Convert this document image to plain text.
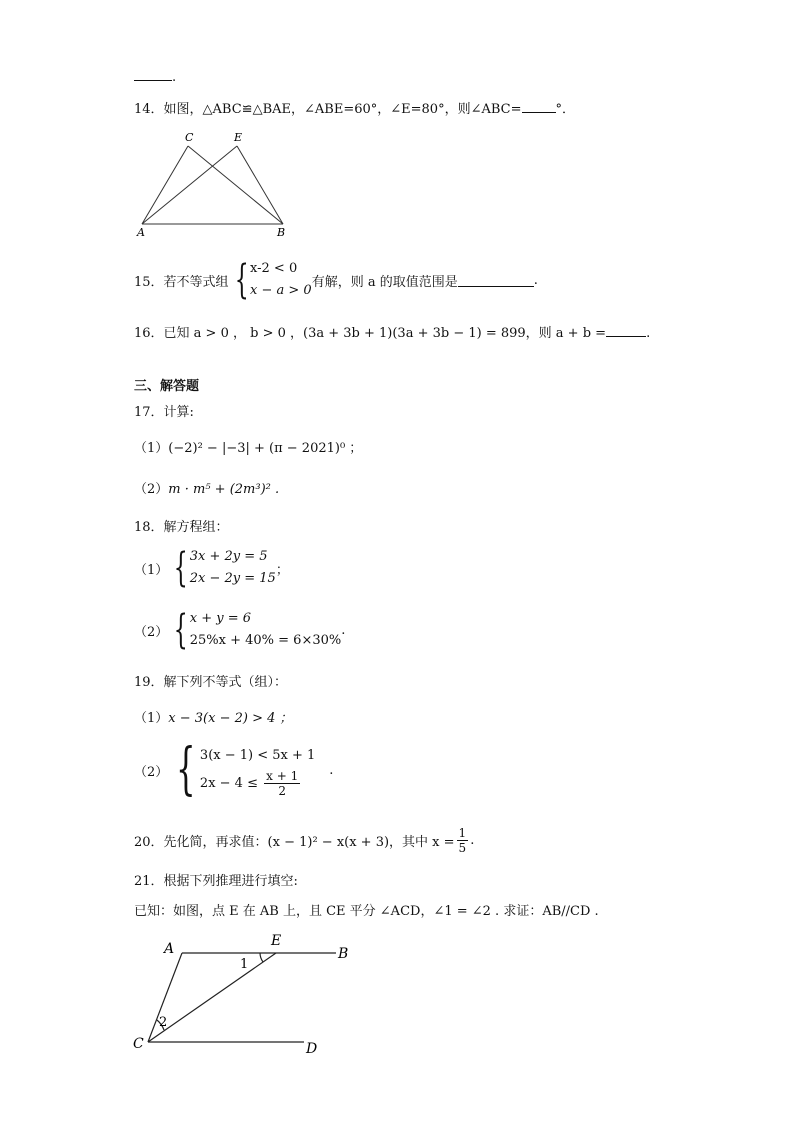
.
14．如图，△ABC≌△BAE，∠ABE=60°，∠E=80°，则∠ABC=	°．
C	E
A	B
15． 若不等式组 { x-2 < 0
x − a > 0
有解，则 a 的取值范围是	.
16．已知 a > 0 ， b > 0 ，(3a + 3b + 1)(3a + 3b − 1) = 899，则 a + b =	.
三、解答题
17．计算:
（1）(−2)² − |−3| + (π − 2021)⁰ ；
（2）m · m⁵ + (2m³)² .
18．解方程组：
（1） { 3x + 2y = 5
2x − 2y = 15
；
（2） { x + y = 6
25%x + 40% = 6×30%
.
19．解下列不等式（组）：
（1）x − 3(x − 2) > 4 ；
（2） { 3(x − 1) < 5x + 1
$2x - 4 \le \frac{x + 1}{2}$ .
20． 先化简，再求值：(x − 1)² − x(x + 3)，其中 $x = \frac{1}{5}$ .
21．根据下列推理进行填空:
已知：如图，点 E 在 AB 上，且 CE 平分 ∠ACD，∠1 = ∠2 . 求证：AB//CD .
A	E
B
C	D
1
2
